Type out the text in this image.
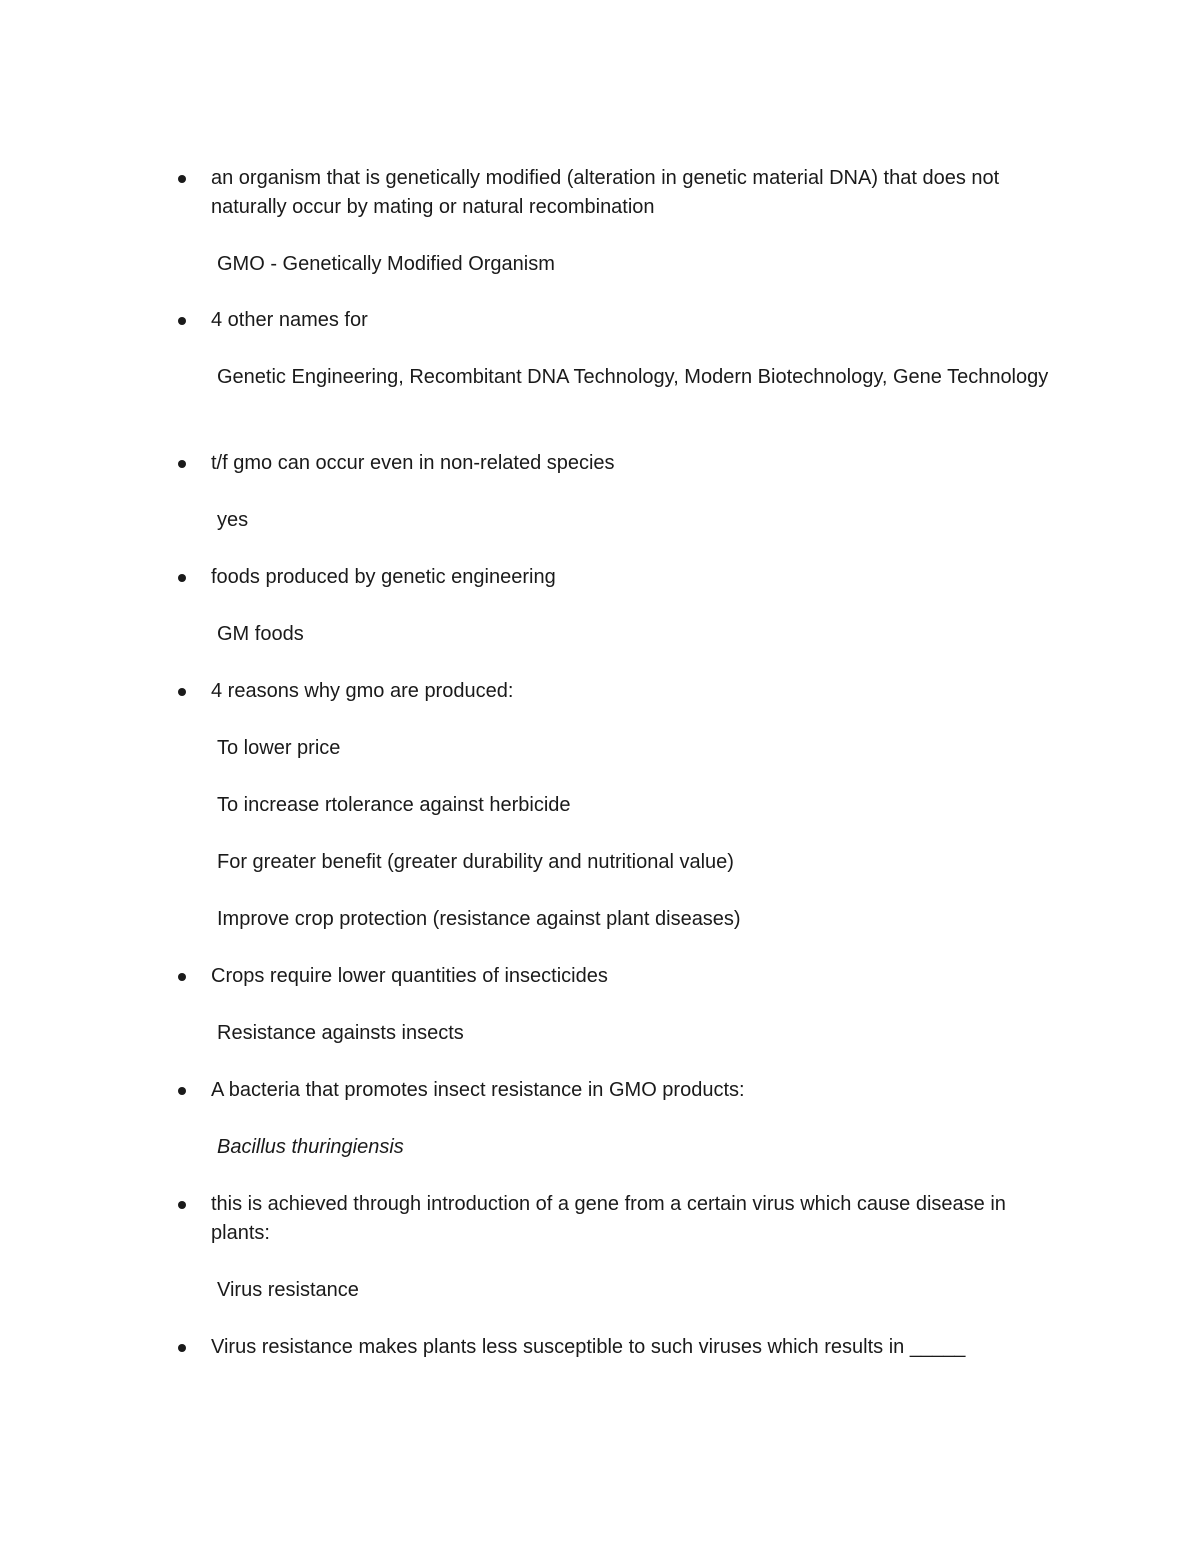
an organism that is genetically modified (alteration in genetic material DNA) that does not naturally occur by mating or natural recombination
GMO - Genetically Modified Organism
4 other names for
Genetic Engineering, Recombitant DNA Technology, Modern Biotechnology, Gene Technology
t/f gmo can occur even in non-related species
yes
foods produced by genetic engineering
GM foods
4 reasons why gmo are produced:
To lower price
To increase rtolerance against herbicide
For greater benefit (greater durability and nutritional value)
Improve crop protection (resistance against plant diseases)
Crops require lower quantities of insecticides
Resistance againsts insects
A bacteria that promotes insect resistance in GMO products:
Bacillus thuringiensis
this is achieved through introduction of a gene from a certain virus which cause disease in plants:
Virus resistance
Virus resistance makes plants less susceptible to such viruses which results in _____
